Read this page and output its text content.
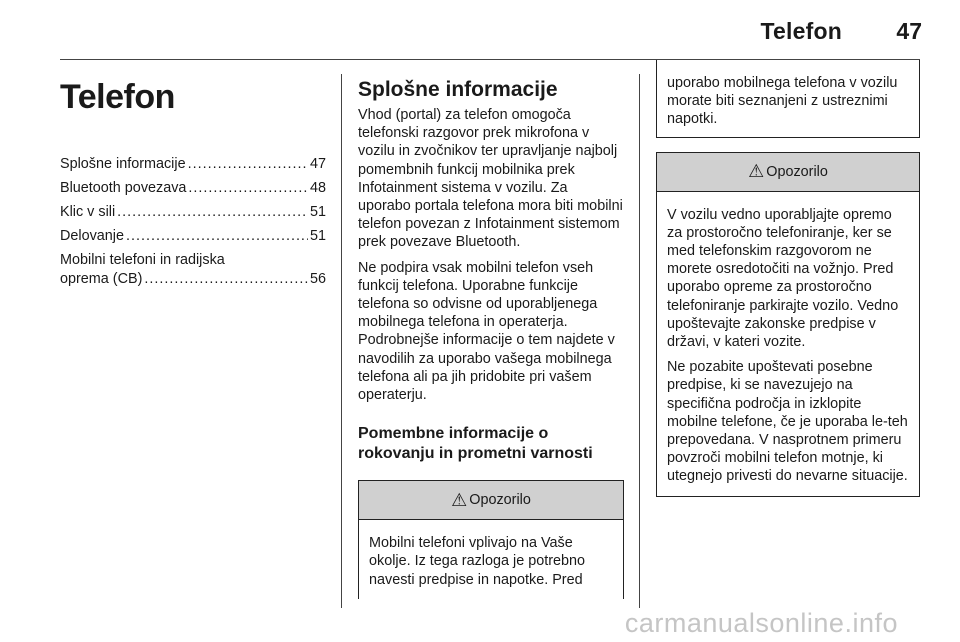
Telefon 47
Telefon
Splošne informacije .....	47
Bluetooth povezava .....	48
Klic v sili .....	51
Delovanje .....	51
Mobilni telefoni in radijska
oprema (CB) .....	56
Splošne informacije

Vhod (portal) za telefon omogoča telefonski razgovor prek mikrofona v vozilu in zvočnikov ter upravljanje najbolj pomembnih funkcij mobilnika prek Infotainment sistema v vozilu. Za uporabo portala telefona mora biti mobilni telefon povezan z Infotainment sistemom prek povezave Bluetooth.

Ne podpira vsak mobilni telefon vseh funkcij telefona. Uporabne funkcije telefona so odvisne od uporabljenega mobilnega telefona in operaterja. Podrobnejše informacije o tem najdete v navodilih za uporabo vašega mobilnega telefona ali pa jih pridobite pri vašem operaterju.

Pomembne informacije o rokovanju in prometni varnosti
⚠ Opozorilo

Mobilni telefoni vplivajo na Vaše okolje. Iz tega razloga je potrebno navesti predpise in napotke. Pred

uporabo mobilnega telefona v vozilu morate biti seznanjeni z ustreznimi napotki.

⚠ Opozorilo

V vozilu vedno uporabljajte opremo za prostoročno telefoniranje, ker se med telefonskim razgovorom ne morete osredotočiti na vožnjo. Pred uporabo opreme za prostoročno telefoniranje parkirajte vozilo. Vedno upoštevajte zakonske predpise v državi, v kateri vozite.

Ne pozabite upoštevati posebne predpise, ki se navezujejo na specifična področja in izklopite mobilne telefone, če je uporaba le-teh prepovedana. V nasprotnem primeru povzroči mobilni telefon motnje, ki utegnejo privesti do nevarne situacije.

carmanualsonline.info
